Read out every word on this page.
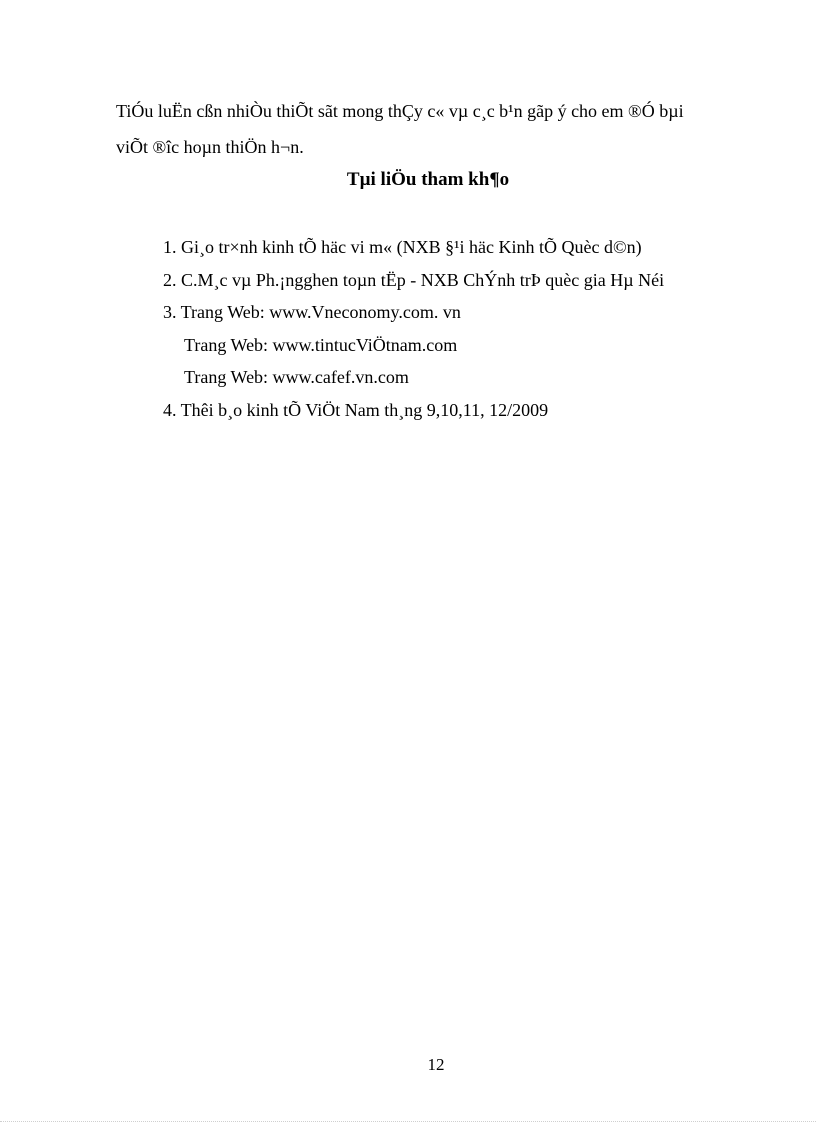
TiÓu luËn cßn nhiÒu thiÕt sãt mong thÇy c« vµ c¸c b¹n gãp ý cho em ®Ó bµi
viÕt ®îc hoµn thiÖn h¬n.
Tµi liÖu tham kh¶o
1. Gi¸o tr×nh kinh tÕ häc vi m« (NXB §¹i häc Kinh tÕ Quèc d©n)
2. C.M¸c vµ Ph.¡ngghen toµn tËp - NXB ChÝnh trÞ quèc gia Hµ Néi
3. Trang Web: www.Vneconomy.com. vn
Trang Web: www.tintucViÖtnam.com
Trang Web: www.cafef.vn.com
4. Thêi b¸o kinh tÕ ViÖt Nam th¸ng 9,10,11, 12/2009
12
